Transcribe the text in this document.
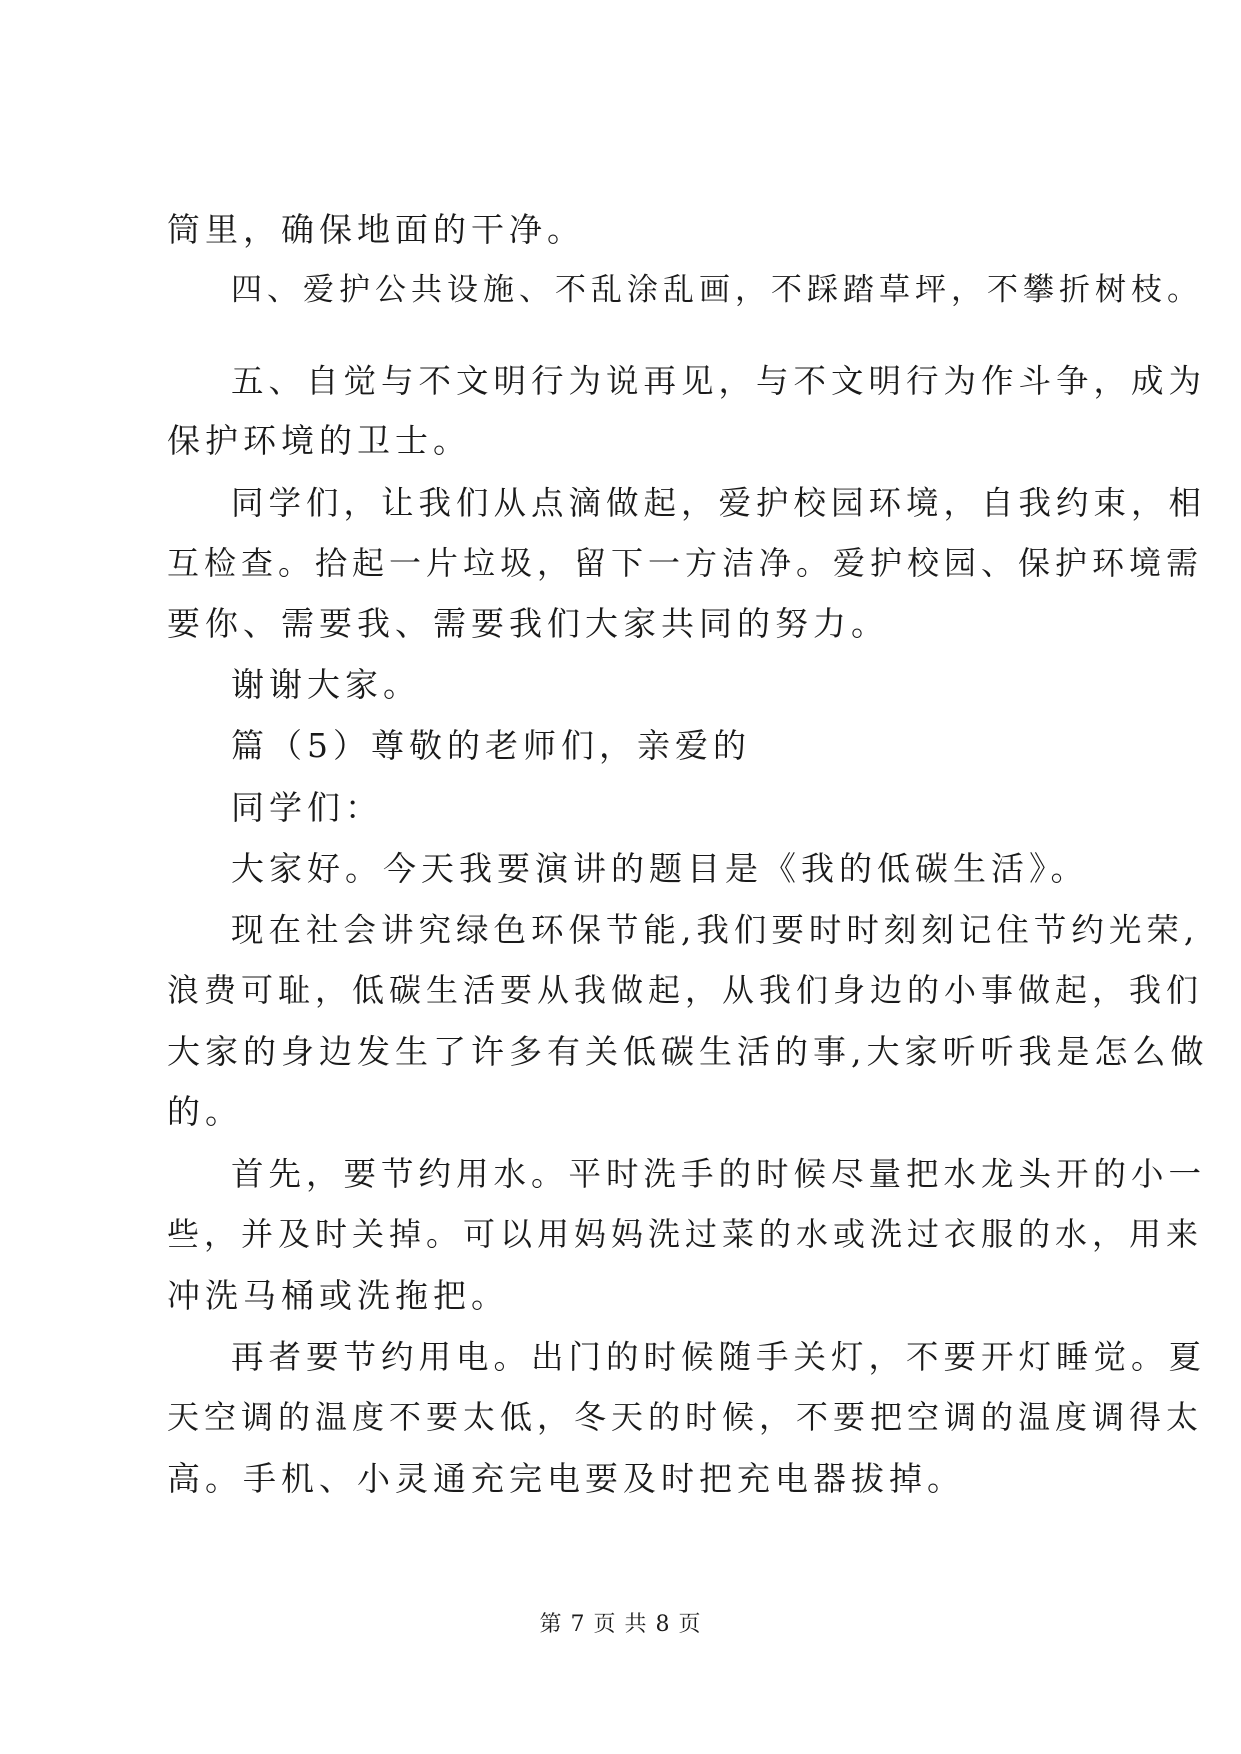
筒里，确保地面的干净。
四、爱护公共设施、不乱涂乱画，不踩踏草坪，不攀折树枝。
五、自觉与不文明行为说再见，与不文明行为作斗争，成为
保护环境的卫士。
同学们，让我们从点滴做起，爱护校园环境，自我约束，相
互检查。拾起一片垃圾，留下一方洁净。爱护校园、保护环境需
要你、需要我、需要我们大家共同的努力。
谢谢大家。
篇（5）尊敬的老师们，亲爱的
同学们：
大家好。今天我要演讲的题目是《我的低碳生活》。
现在社会讲究绿色环保节能,我们要时时刻刻记住节约光荣,
浪费可耻，低碳生活要从我做起，从我们身边的小事做起，我们
大家的身边发生了许多有关低碳生活的事,大家听听我是怎么做
的。
首先，要节约用水。平时洗手的时候尽量把水龙头开的小一
些，并及时关掉。可以用妈妈洗过菜的水或洗过衣服的水，用来
冲洗马桶或洗拖把。
再者要节约用电。出门的时候随手关灯，不要开灯睡觉。夏
天空调的温度不要太低，冬天的时候，不要把空调的温度调得太
高。手机、小灵通充完电要及时把充电器拔掉。
第 7 页 共 8 页
